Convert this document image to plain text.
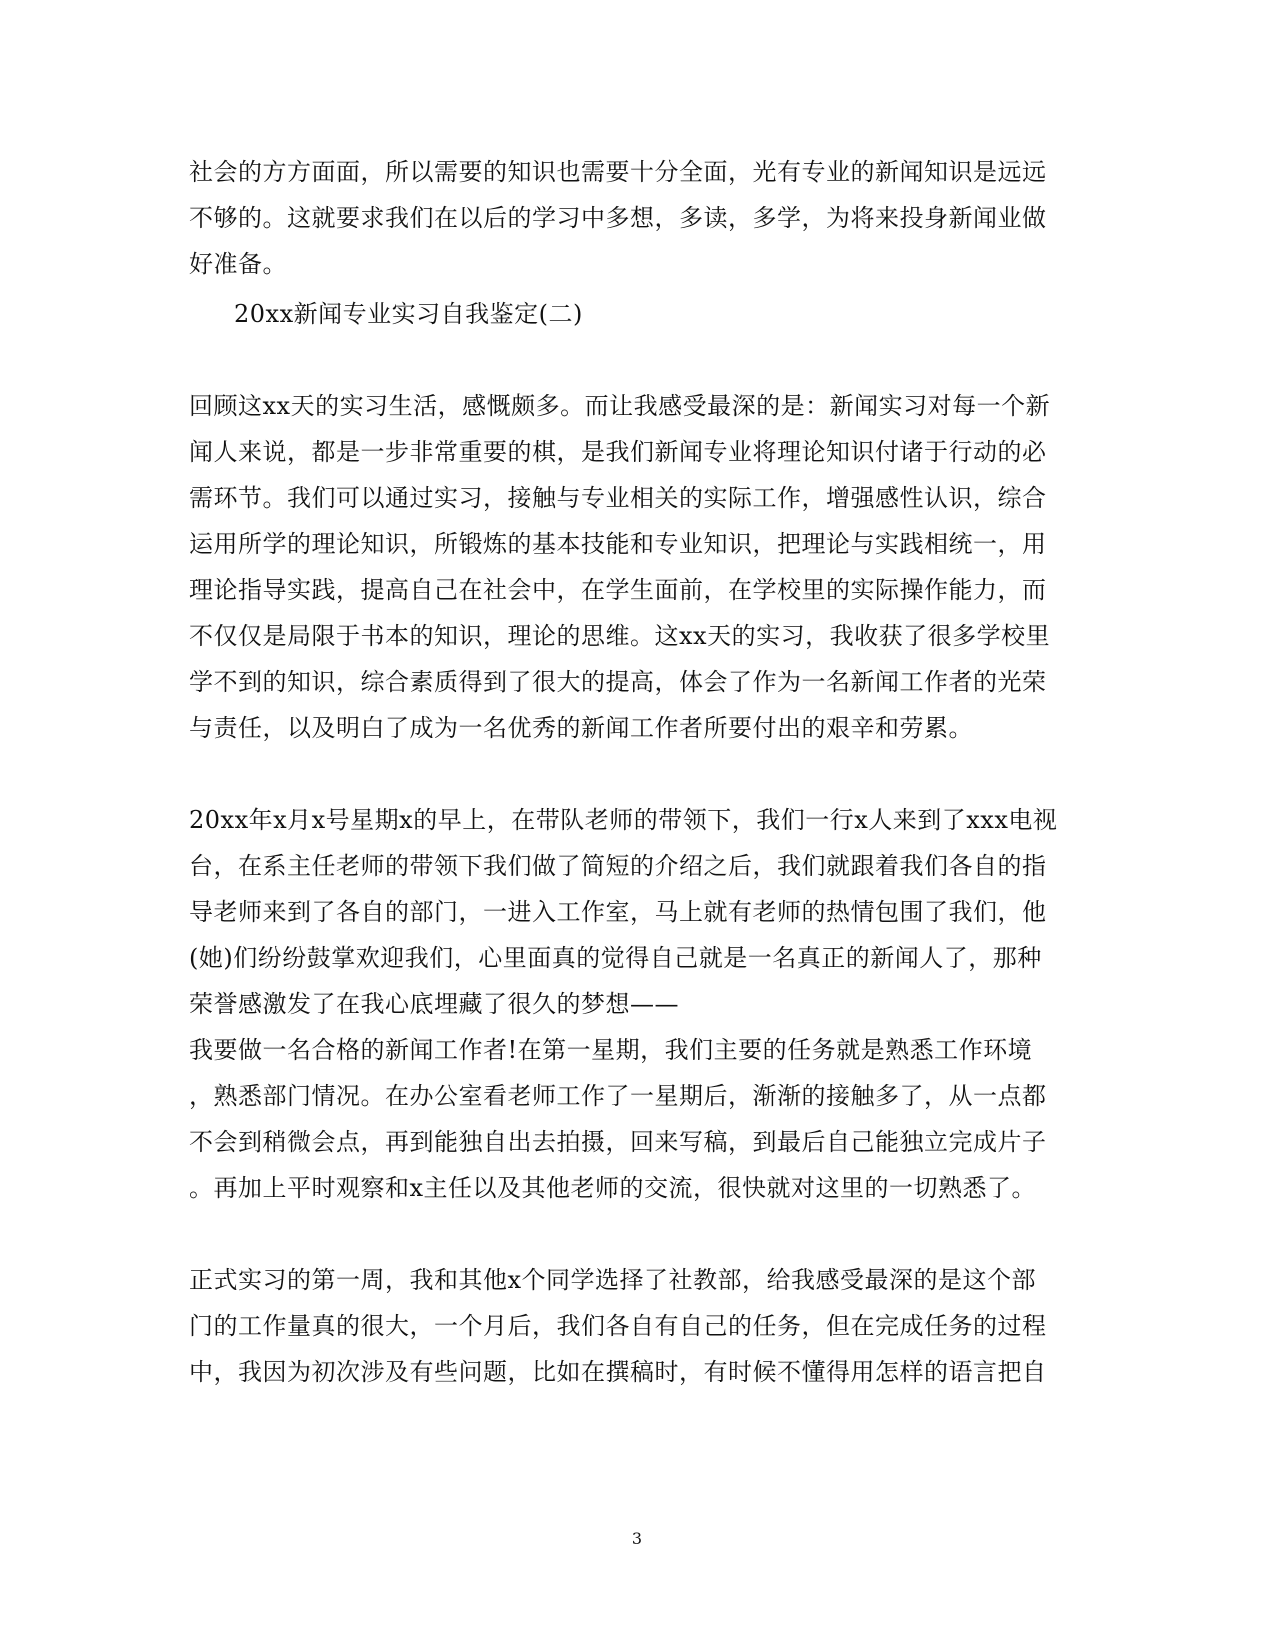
社会的方方面面，所以需要的知识也需要十分全面，光有专业的新闻知识是远远
不够的。这就要求我们在以后的学习中多想，多读，多学，为将来投身新闻业做
好准备。
20xx新闻专业实习自我鉴定(二)
回顾这xx天的实习生活，感慨颇多。而让我感受最深的是：新闻实习对每一个新
闻人来说，都是一步非常重要的棋，是我们新闻专业将理论知识付诸于行动的必
需环节。我们可以通过实习，接触与专业相关的实际工作，增强感性认识，综合
运用所学的理论知识，所锻炼的基本技能和专业知识，把理论与实践相统一，用
理论指导实践，提高自己在社会中，在学生面前，在学校里的实际操作能力，而
不仅仅是局限于书本的知识，理论的思维。这xx天的实习，我收获了很多学校里
学不到的知识，综合素质得到了很大的提高，体会了作为一名新闻工作者的光荣
与责任，以及明白了成为一名优秀的新闻工作者所要付出的艰辛和劳累。
20xx年x月x号星期x的早上，在带队老师的带领下，我们一行x人来到了xxx电视
台，在系主任老师的带领下我们做了简短的介绍之后，我们就跟着我们各自的指
导老师来到了各自的部门，一进入工作室，马上就有老师的热情包围了我们，他
(她)们纷纷鼓掌欢迎我们，心里面真的觉得自己就是一名真正的新闻人了，那种
荣誉感激发了在我心底埋藏了很久的梦想——
我要做一名合格的新闻工作者!在第一星期，我们主要的任务就是熟悉工作环境
，熟悉部门情况。在办公室看老师工作了一星期后，渐渐的接触多了，从一点都
不会到稍微会点，再到能独自出去拍摄，回来写稿，到最后自己能独立完成片子
。再加上平时观察和x主任以及其他老师的交流，很快就对这里的一切熟悉了。
正式实习的第一周，我和其他x个同学选择了社教部，给我感受最深的是这个部
门的工作量真的很大，一个月后，我们各自有自己的任务，但在完成任务的过程
中，我因为初次涉及有些问题，比如在撰稿时，有时候不懂得用怎样的语言把自
3
